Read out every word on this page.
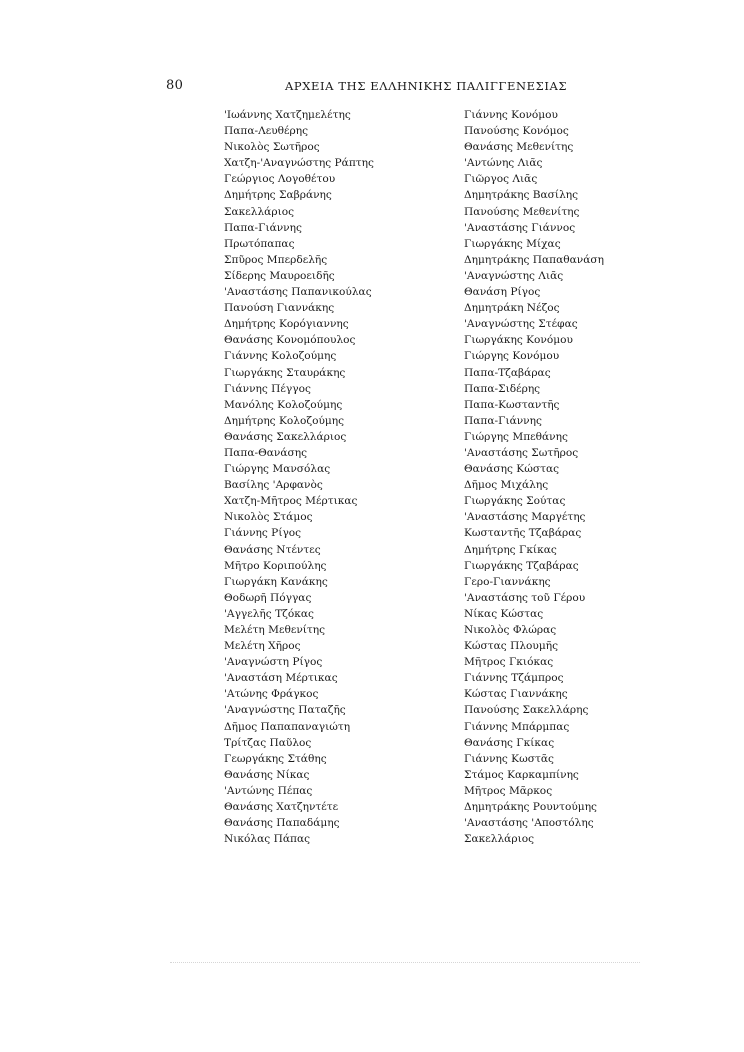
80	ΑΡΧΕΙΑ ΤΗΣ ΕΛΛΗΝΙΚΗΣ ΠΑΛΙΓΓΕΝΕΣΙΑΣ
'Ιωάννης Χατζημελέτης
Παπα-Λευθέρης
Νικολὸς Σωτῆρος
Χατζη-'Αναγνώστης Ράπτης
Γεώργιος Λογοθέτου
Δημήτρης Σαβράνης
Σακελλάριος
Παπα-Γιάννης
Πρωτόπαπας
Σπῦρος Μπερδελῆς
Σίδερης Μαυροειδῆς
'Αναστάσης Παπανικούλας
Πανούση Γιαννάκης
Δημήτρης Κορόγιαννης
Θανάσης Κονομόπουλος
Γιάννης Κολοζούμης
Γιωργάκης Σταυράκης
Γιάννης Πέγγος
Μανόλης Κολοζούμης
Δημήτρης Κολοζούμης
Θανάσης Σακελλάριος
Παπα-Θανάσης
Γιώργης Μανσόλας
Βασίλης 'Αρφανὸς
Χατζη-Μῆτρος Μέρτικας
Νικολὸς Στάμος
Γιάννης Ρίγος
Θανάσης Ντέντες
Μῆτρο Κοριπούλης
Γιωργάκη Κανάκης
Θοδωρῆ Πόγγας
'Αγγελῆς Τζόκας
Μελέτη Μεθενίτης
Μελέτη Χῆρος
'Αναγνώστη Ρίγος
'Αναστάση Μέρτικας
'Ατώνης Φράγκος
'Αναγνώστης Παταζῆς
Δῆμος Παπαπαναγιώτη
Τρίτζας Παῦλος
Γεωργάκης Στάθης
Θανάσης Νίκας
'Αντώνης Πέπας
Θανάσης Χατζηντέτε
Θανάσης Παπαδάμης
Νικόλας Πάπας
Γιάννης Κονόμου
Πανούσης Κονόμος
Θανάσης Μεθενίτης
'Αντώνης Λιᾶς
Γιῶργος Λιᾶς
Δημητράκης Βασίλης
Πανούσης Μεθενίτης
'Αναστάσης Γιάννος
Γιωργάκης Μίχας
Δημητράκης Παπαθανάση
'Αναγνώστης Λιᾶς
Θανάση Ρίγος
Δημητράκη Νέζος
'Αναγνώστης Στέφας
Γιωργάκης Κονόμου
Γιώργης Κονόμου
Παπα-Τζαβάρας
Παπα-Σιδέρης
Παπα-Κωσταντῆς
Παπα-Γιάννης
Γιώργης Μπεθάνης
'Αναστάσης Σωτῆρος
Θανάσης Κώστας
Δῆμος Μιχάλης
Γιωργάκης Σούτας
'Αναστάσης Μαργέτης
Κωσταντῆς Τζαβάρας
Δημήτρης Γκίκας
Γιωργάκης Τζαβάρας
Γερο-Γιαννάκης
'Αναστάσης τοῦ Γέρου
Νίκας Κώστας
Νικολὸς Φλώρας
Κώστας Πλουμῆς
Μῆτρος Γκιόκας
Γιάννης Τζάμπρος
Κώστας Γιαννάκης
Πανούσης Σακελλάρης
Γιάννης Μπάρμπας
Θανάσης Γκίκας
Γιάννης Κωστᾶς
Στάμος Καρκαμπίνης
Μῆτρος Μᾶρκος
Δημητράκης Ρουντούμης
'Αναστάσης 'Αποστόλης
Σακελλάριος
